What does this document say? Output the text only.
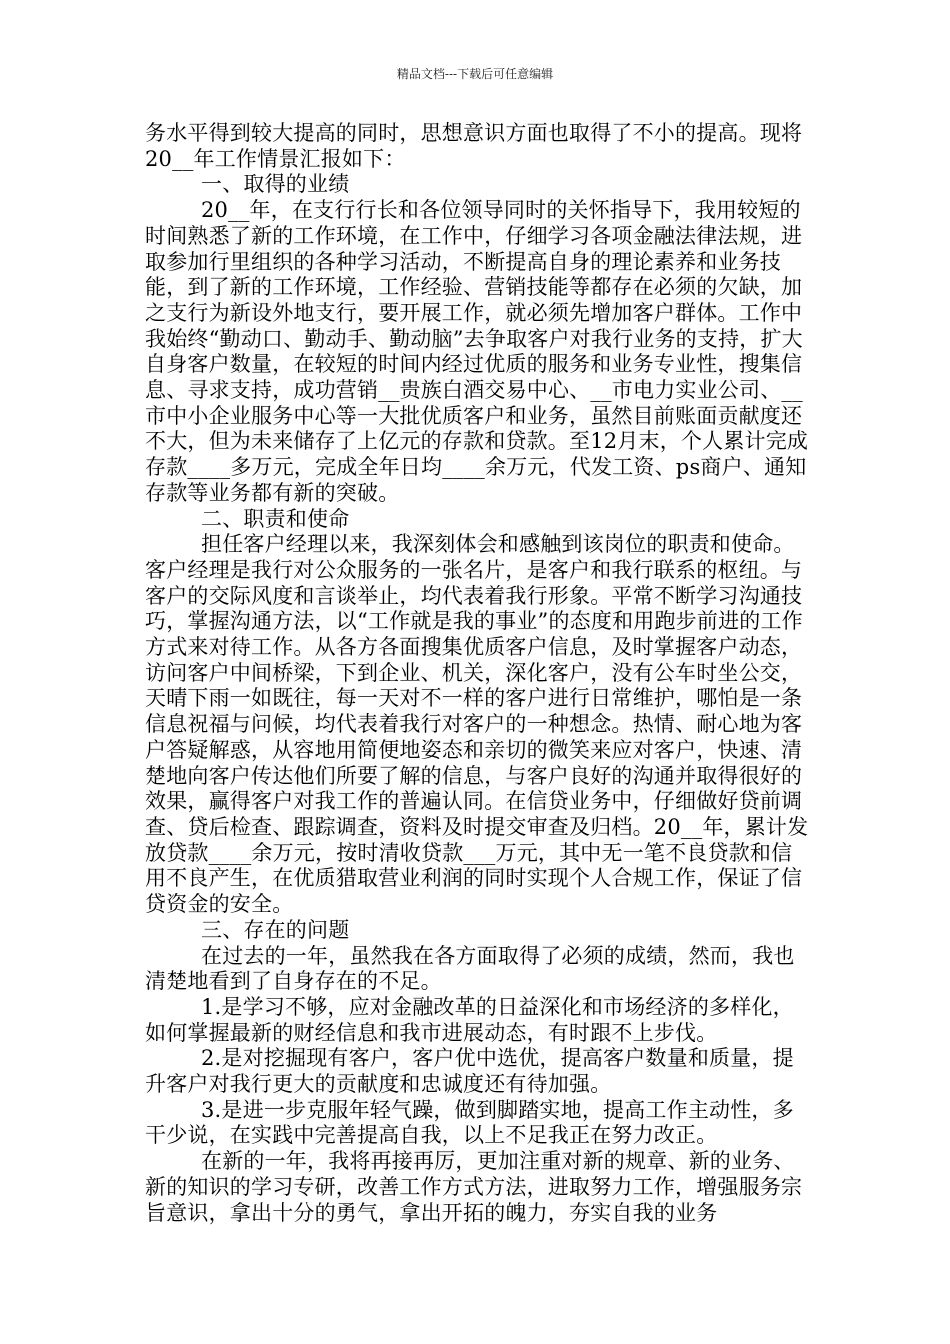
精品文档---下载后可任意编辑

务水平得到较大提高的同时，思想意识方面也取得了不小的提高。现将20__年工作情景汇报如下：

一、取得的业绩

20__年，在支行行长和各位领导同时的关怀指导下，我用较短的时间熟悉了新的工作环境，在工作中，仔细学习各项金融法律法规，进取参加行里组织的各种学习活动，不断提高自身的理论素养和业务技能，到了新的工作环境，工作经验、营销技能等都存在必须的欠缺，加之支行为新设外地支行，要开展工作，就必须先增加客户群体。工作中我始终“勤动口、勤动手、勤动脑”去争取客户对我行业务的支持，扩大自身客户数量，在较短的时间内经过优质的服务和业务专业性，搜集信息、寻求支持，成功营销__贵族白酒交易中心、__市电力实业公司、__市中小企业服务中心等一大批优质客户和业务，虽然目前账面贡献度还不大，但为未来储存了上亿元的存款和贷款。至12月末，个人累计完成存款____多万元，完成全年日均____余万元，代发工资、ps商户、通知存款等业务都有新的突破。

二、职责和使命

担任客户经理以来，我深刻体会和感触到该岗位的职责和使命。客户经理是我行对公众服务的一张名片，是客户和我行联系的枢纽。与客户的交际风度和言谈举止，均代表着我行形象。平常不断学习沟通技巧，掌握沟通方法，以“工作就是我的事业”的态度和用跑步前进的工作方式来对待工作。从各方各面搜集优质客户信息，及时掌握客户动态，访问客户中间桥梁，下到企业、机关，深化客户，没有公车时坐公交，天晴下雨一如既往，每一天对不一样的客户进行日常维护，哪怕是一条信息祝福与问候，均代表着我行对客户的一种想念。热情、耐心地为客户答疑解惑，从容地用简便地姿态和亲切的微笑来应对客户，快速、清楚地向客户传达他们所要了解的信息，与客户良好的沟通并取得很好的效果，赢得客户对我工作的普遍认同。在信贷业务中，仔细做好贷前调查、贷后检查、跟踪调查，资料及时提交审查及归档。20__年，累计发放贷款____余万元，按时清收贷款___万元，其中无一笔不良贷款和信用不良产生，在优质猎取营业利润的同时实现个人合规工作，保证了信贷资金的安全。

三、存在的问题

在过去的一年，虽然我在各方面取得了必须的成绩，然而，我也清楚地看到了自身存在的不足。

1.是学习不够，应对金融改革的日益深化和市场经济的多样化，如何掌握最新的财经信息和我市进展动态，有时跟不上步伐。

2.是对挖掘现有客户，客户优中选优，提高客户数量和质量，提升客户对我行更大的贡献度和忠诚度还有待加强。

3.是进一步克服年轻气躁，做到脚踏实地，提高工作主动性，多干少说，在实践中完善提高自我，以上不足我正在努力改正。

在新的一年，我将再接再厉，更加注重对新的规章、新的业务、新的知识的学习专研，改善工作方式方法，进取努力工作，增强服务宗旨意识，拿出十分的勇气，拿出开拓的魄力，夯实自我的业务
